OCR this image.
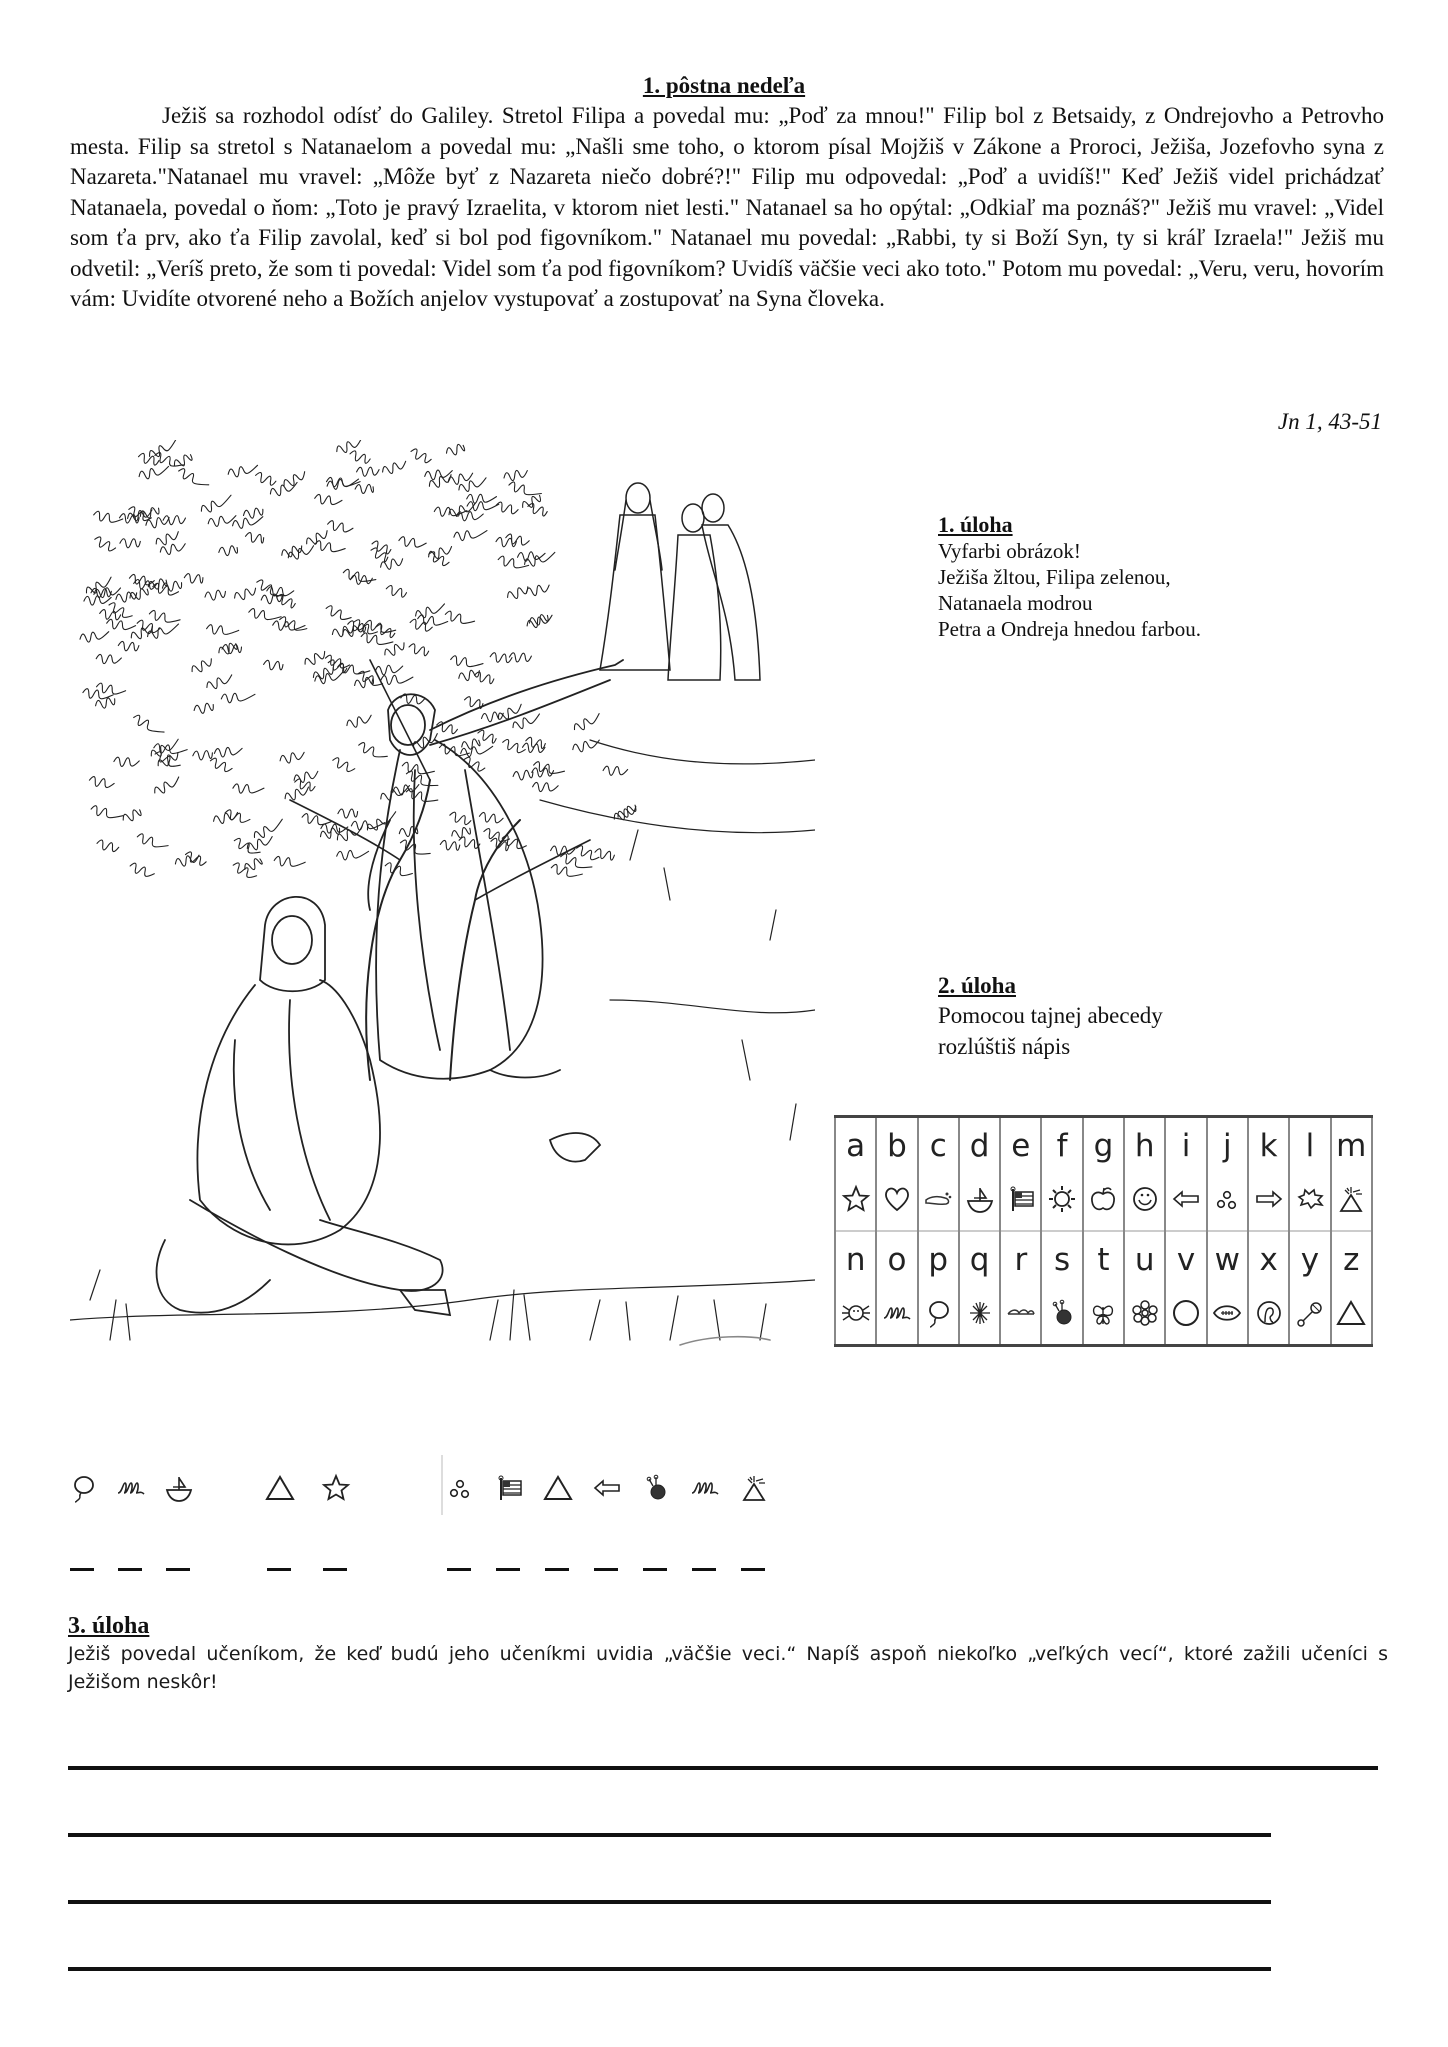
1. pôstna nedeľa

Ježiš sa rozhodol odísť do Galiley. Stretol Filipa a povedal mu: „Poď za mnou!" Filip bol z Betsaidy, z Ondrejovho a Petrovho mesta. Filip sa stretol s Natanaelom a povedal mu: „Našli sme toho, o ktorom písal Mojžiš v Zákone a Proroci, Ježiša, Jozefovho syna z Nazareta."Natanael mu vravel: „Môže byť z Nazareta niečo dobré?!" Filip mu odpovedal: „Poď a uvidíš!" Keď Ježiš videl prichádzať Natanaela, povedal o ňom: „Toto je pravý Izraelita, v ktorom niet lesti." Natanael sa ho opýtal: „Odkiaľ ma poznáš?" Ježiš mu vravel: „Videl som ťa prv, ako ťa Filip zavolal, keď si bol pod figovníkom." Natanael mu povedal: „Rabbi, ty si Boží Syn, ty si kráľ Izraela!" Ježiš mu odvetil: „Veríš preto, že som ti povedal: Videl som ťa pod figovníkom? Uvidíš väčšie veci ako toto." Potom mu povedal: „Veru, veru, hovorím vám: Uvidíte otvorené neho a Božích anjelov vystupovať a zostupovať na Syna človeka.

Jn 1, 43-51
1. úloha
Vyfarbi obrázok!
Ježiša žltou, Filipa zelenou,
Natanaela modrou
Petra a Ondreja hnedou farbou.
2. úloha
Pomocou tajnej abecedy
rozlúštiš nápis
a	b	c	d	e	f	g	h	i	j	k	l	m

n	o	p	q	r	s	t	u	v	w	x	y	z

3. úloha
Ježiš povedal učeníkom, že keď budú jeho učeníkmi uvidia „väčšie veci.“ Napíš aspoň niekoľko „veľkých vecí“, ktoré zažili učeníci s Ježišom neskôr!
